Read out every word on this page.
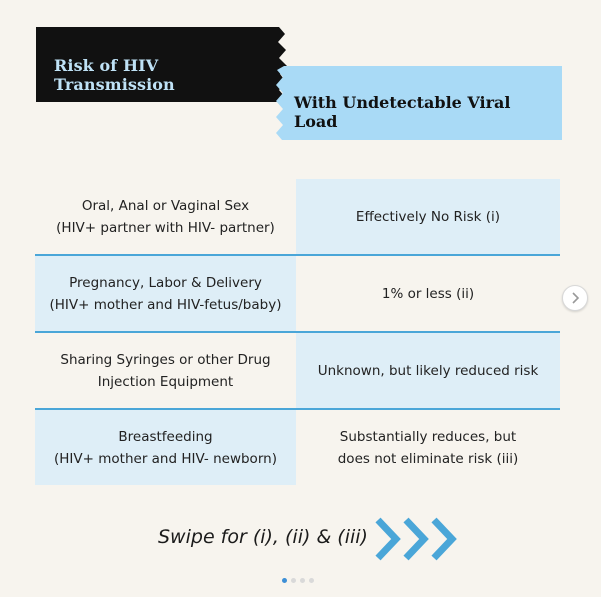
Risk of HIV Transmission
With Undetectable Viral Load
Oral, Anal or Vaginal Sex
(HIV+ partner with HIV- partner)
Effectively No Risk (i)
Pregnancy, Labor & Delivery
(HIV+ mother and HIV-fetus/baby)
1% or less (ii)
Sharing Syringes or other Drug
Injection Equipment
Unknown, but likely reduced risk
Breastfeeding
(HIV+ mother and HIV- newborn)
Substantially reduces, but
does not eliminate risk (iii)
Swipe for (i), (ii) & (iii)
